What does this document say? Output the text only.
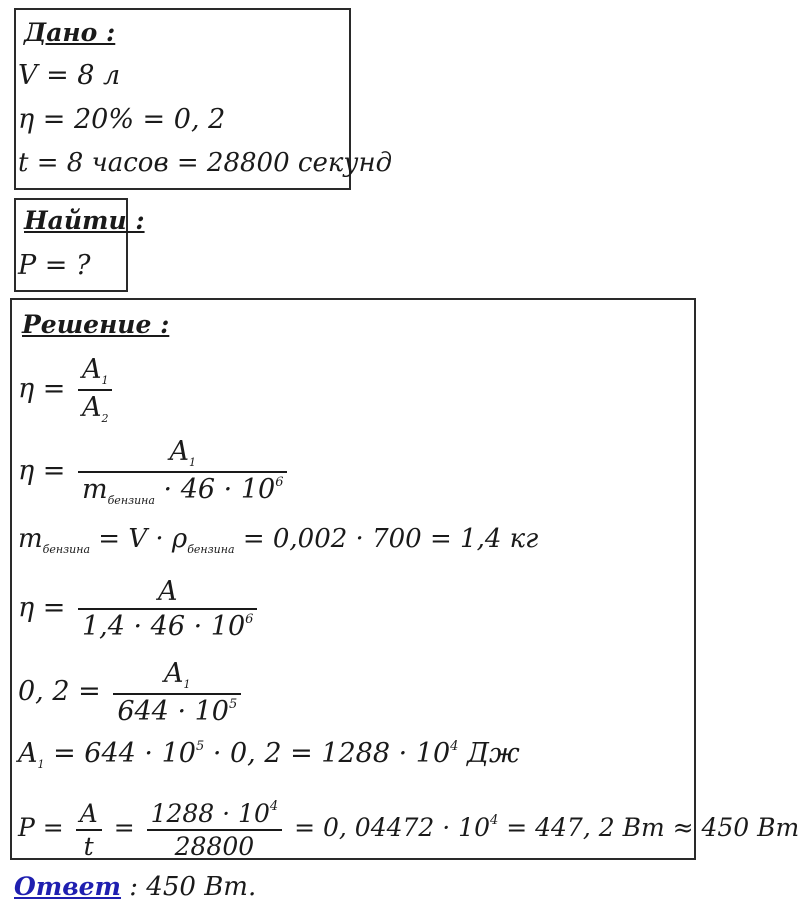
Дано :
V = 8 л
η = 20% = 0, 2
t = 8 часов = 28800 секунд
Найти :
P = ?
Решение :
$\eta = \frac{A_1}{A_2}$
$\eta = \frac{A_1}{m_{бензина} \cdot 46 \cdot 10^6}$
$m_{бензина} = V \cdot \rho_{бензина} = 0,002 \cdot 700 = 1,4$ кг
$\eta = \frac{A}{1,4 \cdot 46 \cdot 10^6}$
0, $2 = \frac{A_1}{644 \cdot 10^5}$
$A_1 = 644 \cdot 10^5 \cdot 0$, $2 = 1288 \cdot 10^4$ Дж
$P = \frac{A}{t} = \frac{1288 \cdot 10^4}{28800} = 0$, $04472 \cdot 10^4 = 447$, 2 Вт ≈ 450 Вт
Ответ : 450 Вт.
